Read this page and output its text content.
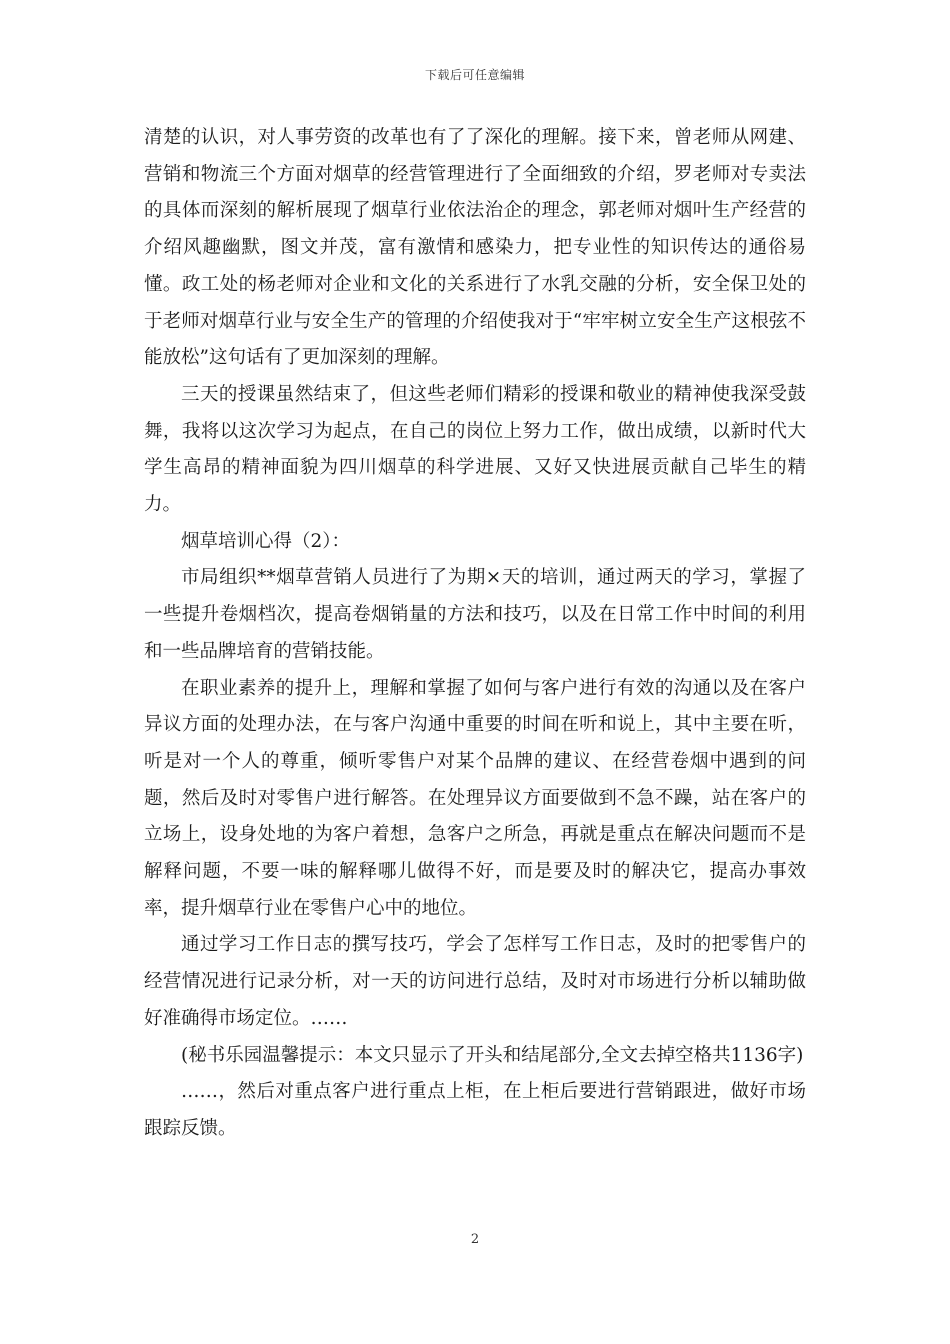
下载后可任意编辑

清楚的认识，对人事劳资的改革也有了了深化的理解。接下来，曾老师从网建、营销和物流三个方面对烟草的经营管理进行了全面细致的介绍，罗老师对专卖法的具体而深刻的解析展现了烟草行业依法治企的理念，郭老师对烟叶生产经营的介绍风趣幽默，图文并茂，富有激情和感染力，把专业性的知识传达的通俗易懂。政工处的杨老师对企业和文化的关系进行了水乳交融的分析，安全保卫处的于老师对烟草行业与安全生产的管理的介绍使我对于“牢牢树立安全生产这根弦不能放松”这句话有了更加深刻的理解。

三天的授课虽然结束了，但这些老师们精彩的授课和敬业的精神使我深受鼓舞，我将以这次学习为起点，在自己的岗位上努力工作，做出成绩，以新时代大学生高昂的精神面貌为四川烟草的科学进展、又好又快进展贡献自己毕生的精力。

烟草培训心得（2）：

市局组织**烟草营销人员进行了为期×天的培训，通过两天的学习，掌握了一些提升卷烟档次，提高卷烟销量的方法和技巧，以及在日常工作中时间的利用和一些品牌培育的营销技能。

在职业素养的提升上，理解和掌握了如何与客户进行有效的沟通以及在客户异议方面的处理办法，在与客户沟通中重要的时间在听和说上，其中主要在听，听是对一个人的尊重，倾听零售户对某个品牌的建议、在经营卷烟中遇到的问题，然后及时对零售户进行解答。在处理异议方面要做到不急不躁，站在客户的立场上，设身处地的为客户着想，急客户之所急，再就是重点在解决问题而不是解释问题，不要一味的解释哪儿做得不好，而是要及时的解决它，提高办事效率，提升烟草行业在零售户心中的地位。

通过学习工作日志的撰写技巧，学会了怎样写工作日志，及时的把零售户的经营情况进行记录分析，对一天的访问进行总结，及时对市场进行分析以辅助做好准确得市场定位。……

(秘书乐园温馨提示：本文只显示了开头和结尾部分,全文去掉空格共1136字)

……，然后对重点客户进行重点上柜，在上柜后要进行营销跟进，做好市场跟踪反馈。

2
